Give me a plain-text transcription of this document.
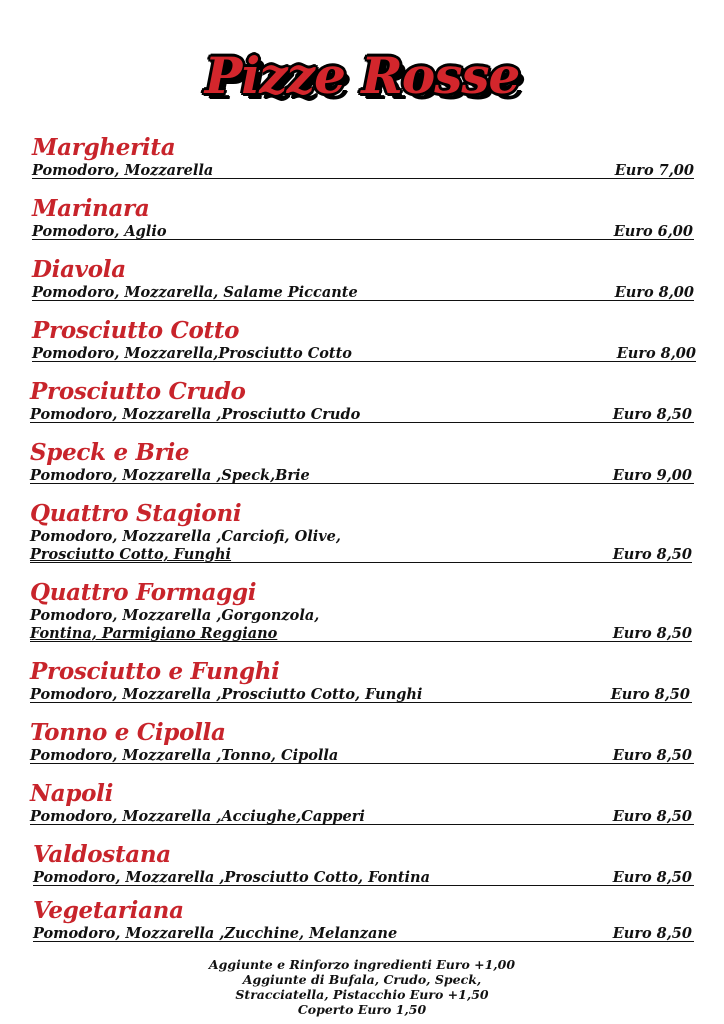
Pizze Rosse
Margherita
Pomodoro, Mozzarella	Euro 7,00
Marinara
Pomodoro, Aglio	Euro 6,00
Diavola
Pomodoro, Mozzarella, Salame Piccante	Euro 8,00
Prosciutto Cotto
Pomodoro, Mozzarella,Prosciutto Cotto	Euro 8,00
Prosciutto Crudo
Pomodoro, Mozzarella ,Prosciutto Crudo	Euro 8,50
Speck e Brie
Pomodoro, Mozzarella ,Speck,Brie	Euro 9,00
Quattro Stagioni
Pomodoro, Mozzarella ,Carciofi, Olive,
Prosciutto Cotto, Funghi	Euro 8,50
Quattro Formaggi
Pomodoro, Mozzarella ,Gorgonzola,
Fontina, Parmigiano Reggiano	Euro 8,50
Prosciutto e Funghi
Pomodoro, Mozzarella ,Prosciutto Cotto, Funghi	Euro 8,50
Tonno e Cipolla
Pomodoro, Mozzarella ,Tonno, Cipolla	Euro 8,50
Napoli
Pomodoro, Mozzarella ,Acciughe,Capperi	Euro 8,50
Valdostana
Pomodoro, Mozzarella ,Prosciutto Cotto, Fontina	Euro 8,50
Vegetariana
Pomodoro, Mozzarella ,Zucchine, Melanzane	Euro 8,50
Aggiunte e Rinforzo ingredienti Euro +1,00
Aggiunte di Bufala, Crudo, Speck,
Stracciatella, Pistacchio Euro +1,50
Coperto Euro 1,50
